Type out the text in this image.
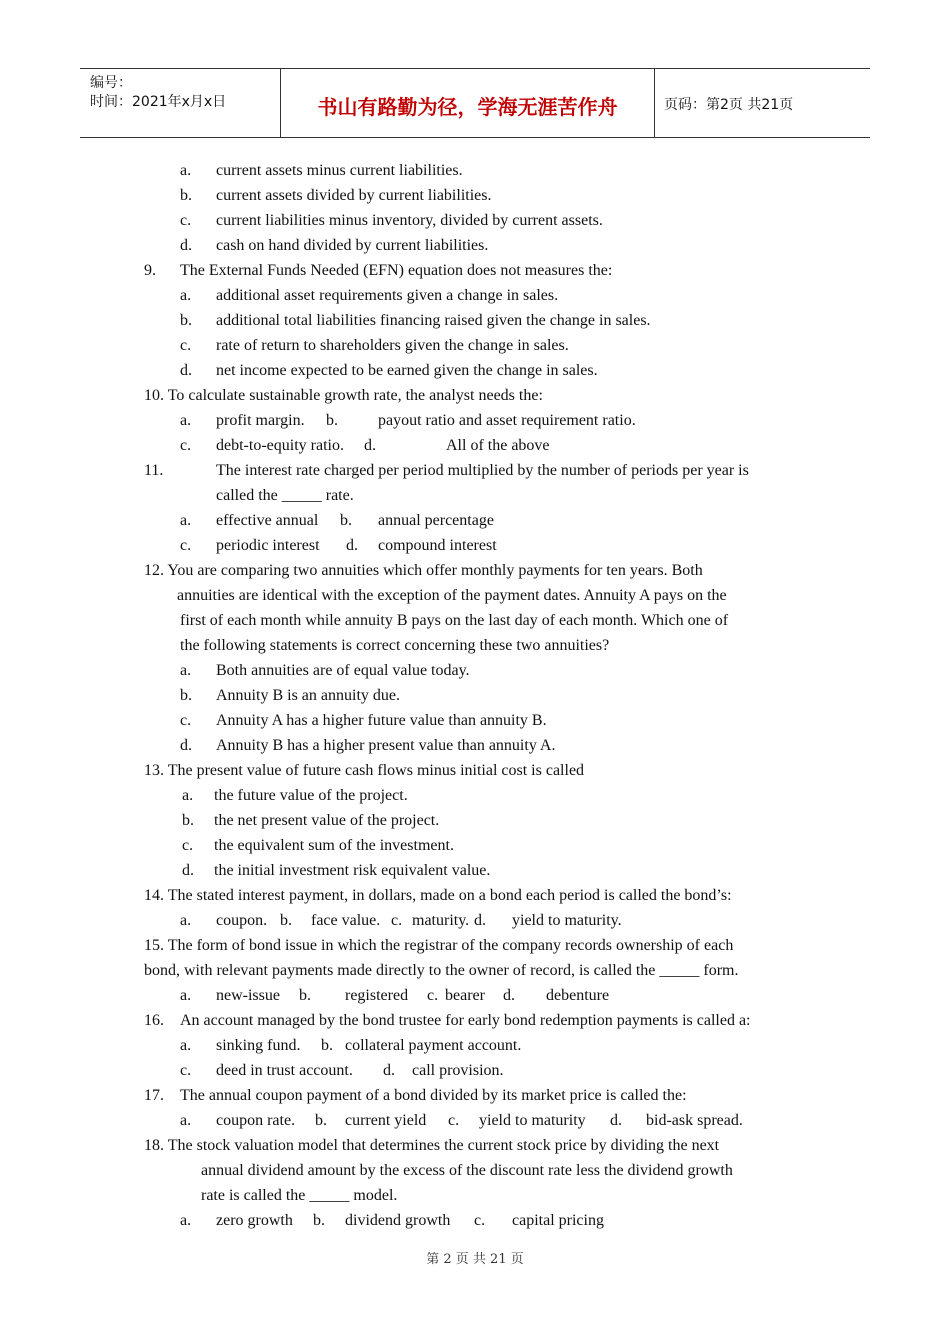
编号：
时间：2021年x月x日	书山有路勤为径，学海无涯苦作舟	页码：第2页 共21页
a. current assets minus current liabilities.
b. current assets divided by current liabilities.
c. current liabilities minus inventory, divided by current assets.
d. cash on hand divided by current liabilities.
9. The External Funds Needed (EFN) equation does not measures the:
a. additional asset requirements given a change in sales.
b. additional total liabilities financing raised given the change in sales.
c. rate of return to shareholders given the change in sales.
d. net income expected to be earned given the change in sales.
10. To calculate sustainable growth rate, the analyst needs the:
a. profit margin. b.	payout ratio and asset requirement ratio.
c. debt-to-equity ratio. d.	All of the above
11.	The interest rate charged per period multiplied by the number of periods per year is
called the _____ rate.
a. effective annual b. annual percentage
c. periodic interest d. compound interest
12. You are comparing two annuities which offer monthly payments for ten years. Both
annuities are identical with the exception of the payment dates. Annuity A pays on the
first of each month while annuity B pays on the last day of each month. Which one of
the following statements is correct concerning these two annuities?
a. Both annuities are of equal value today.
b. Annuity B is an annuity due.
c. Annuity A has a higher future value than annuity B.
d. Annuity B has a higher present value than annuity A.
13. The present value of future cash flows minus initial cost is called
a. the future value of the project.
b. the net present value of the project.
c. the equivalent sum of the investment.
d. the initial investment risk equivalent value.
14. The stated interest payment, in dollars, made on a bond each period is called the bond’s:
a. coupon. b. face value. c. maturity. d. yield to maturity.
15. The form of bond issue in which the registrar of the company records ownership of each
bond, with relevant payments made directly to the owner of record, is called the _____ form.
a. new-issue b. registered c. bearer d. debenture
16. An account managed by the bond trustee for early bond redemption payments is called a:
a. sinking fund. b. collateral payment account.
c. deed in trust account. d. call provision.
17. The annual coupon payment of a bond divided by its market price is called the:
a. coupon rate. b. current yield c. yield to maturity d. bid-ask spread.
18. The stock valuation model that determines the current stock price by dividing the next
annual dividend amount by the excess of the discount rate less the dividend growth
rate is called the _____ model.
a. zero growth b. dividend growth c. capital pricing
第 2 页 共 21 页
